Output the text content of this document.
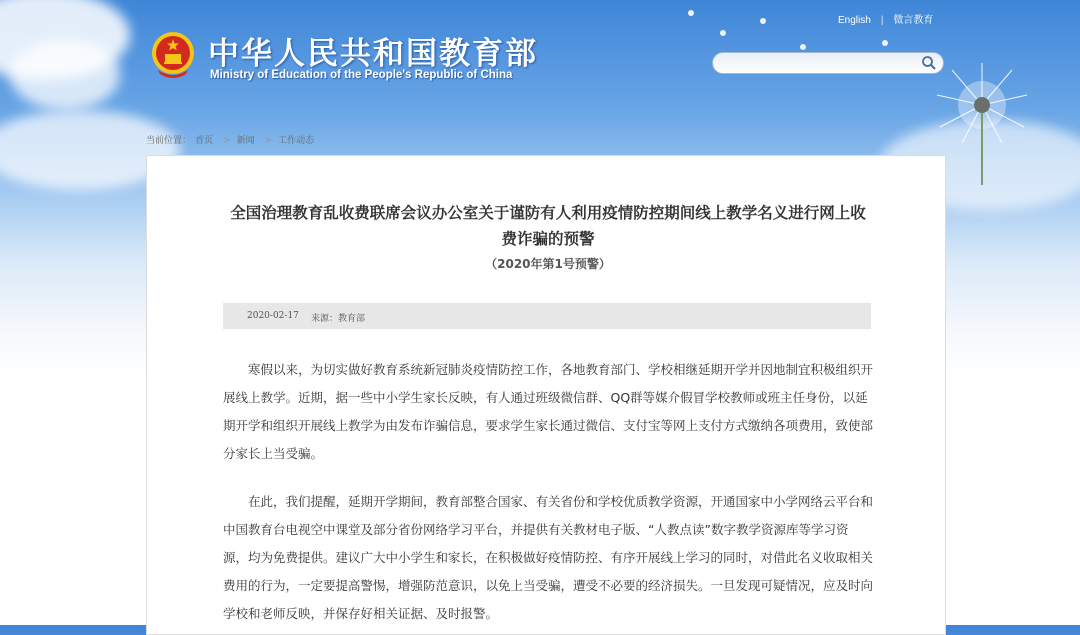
中华人民共和国教育部
Ministry of Education of the People's Republic of China
English | 微言教育
当前位置： 首页 > 新闻 > 工作动态
全国治理教育乱收费联席会议办公室关于谨防有人利用疫情防控期间线上教学名义进行网上收费诈骗的预警
（2020年第1号预警）
2020-02-17 来源：教育部
寒假以来，为切实做好教育系统新冠肺炎疫情防控工作，各地教育部门、学校相继延期开学并因地制宜积极组织开展线上教学。近期，据一些中小学生家长反映，有人通过班级微信群、QQ群等媒介假冒学校教师或班主任身份，以延期开学和组织开展线上教学为由发布诈骗信息，要求学生家长通过微信、支付宝等网上支付方式缴纳各项费用，致使部分家长上当受骗。
在此，我们提醒，延期开学期间，教育部整合国家、有关省份和学校优质教学资源，开通国家中小学网络云平台和中国教育台电视空中课堂及部分省份网络学习平台，并提供有关教材电子版、“人教点读”数字教学资源库等学习资源，均为免费提供。建议广大中小学生和家长，在积极做好疫情防控、有序开展线上学习的同时，对借此名义收取相关费用的行为，一定要提高警惕，增强防范意识，以免上当受骗，遭受不必要的经济损失。一旦发现可疑情况，应及时向学校和老师反映，并保存好相关证据、及时报警。
